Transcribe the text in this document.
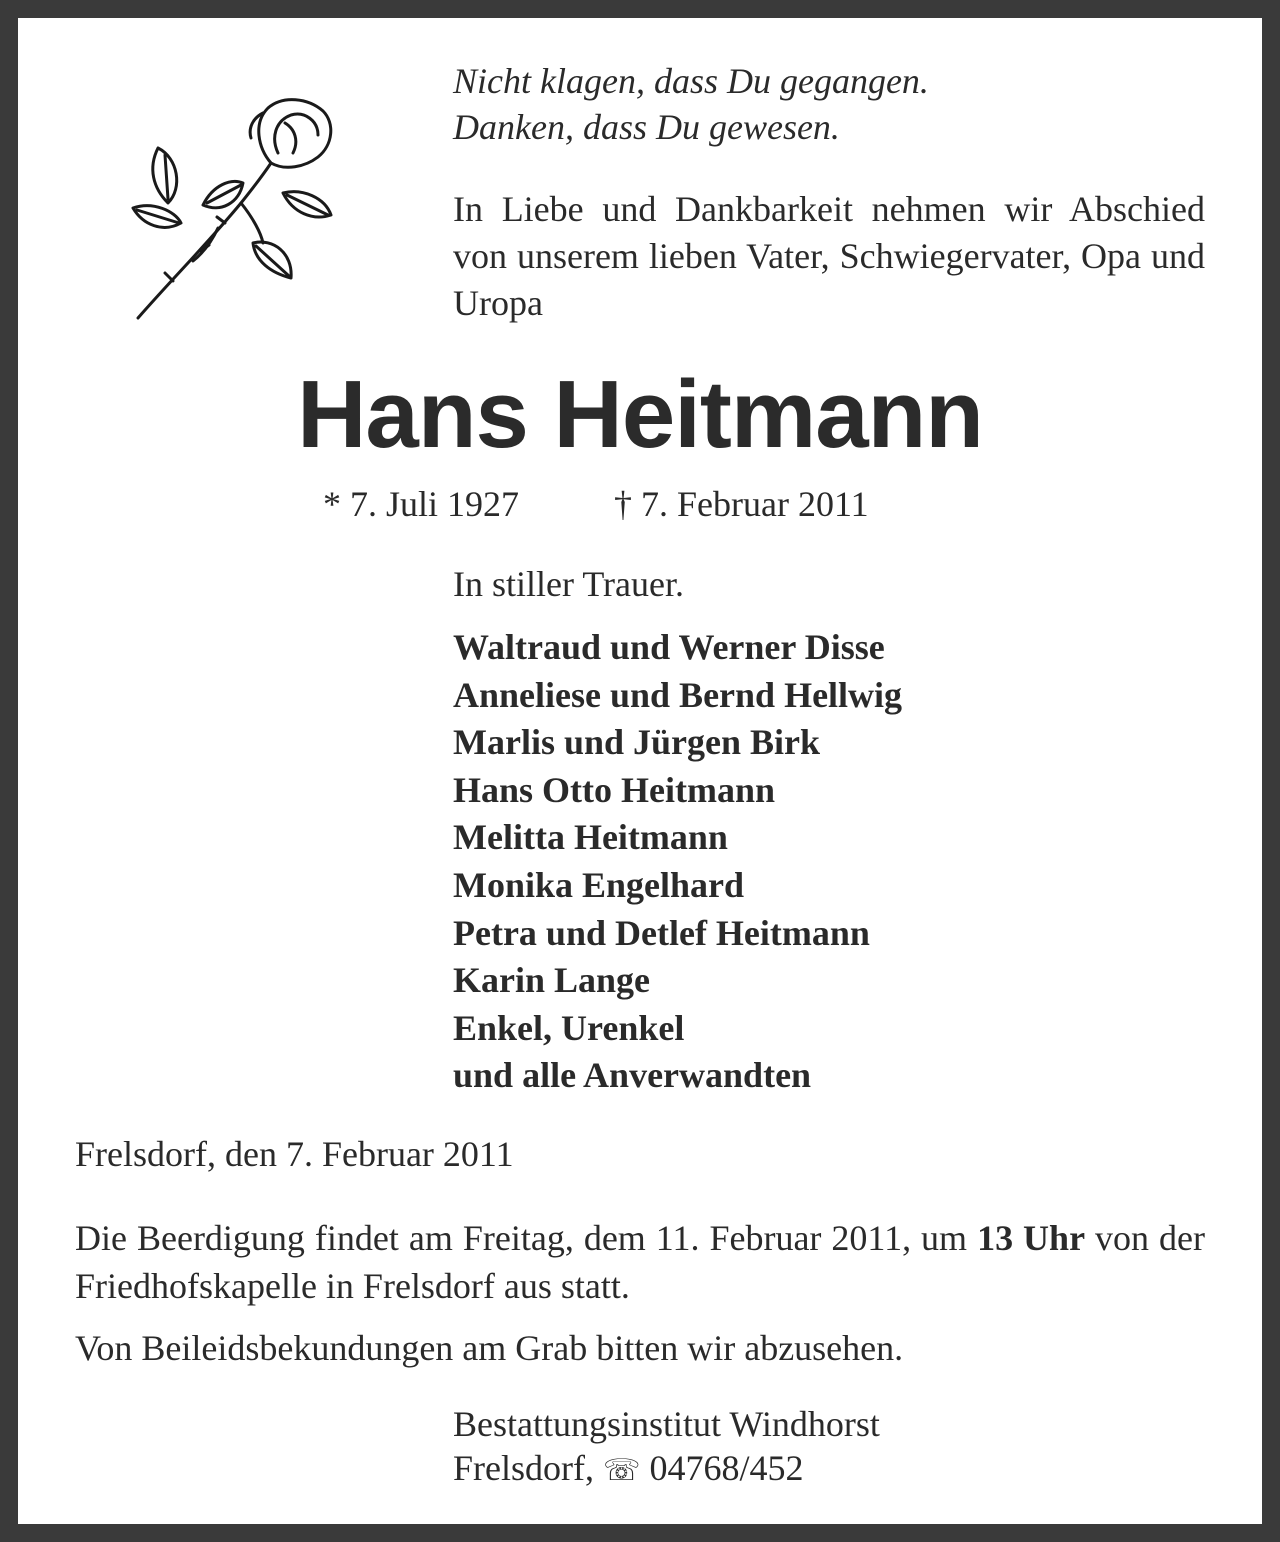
Nicht klagen, dass Du gegangen.
Danken, dass Du gewesen.
In Liebe und Dankbarkeit nehmen wir Abschied von unserem lieben Vater, Schwiegervater, Opa und Uropa
Hans Heitmann
* 7. Juli 1927	† 7. Februar 2011
In stiller Trauer.
Waltraud und Werner Disse
Anneliese und Bernd Hellwig
Marlis und Jürgen Birk
Hans Otto Heitmann
Melitta Heitmann
Monika Engelhard
Petra und Detlef Heitmann
Karin Lange
Enkel, Urenkel
und alle Anverwandten
Frelsdorf, den 7. Februar 2011
Die Beerdigung findet am Freitag, dem 11. Februar 2011, um 13 Uhr von der Friedhofskapelle in Frelsdorf aus statt.
Von Beileidsbekundungen am Grab bitten wir abzusehen.
Bestattungsinstitut Windhorst
Frelsdorf, ☏ 04768/452
